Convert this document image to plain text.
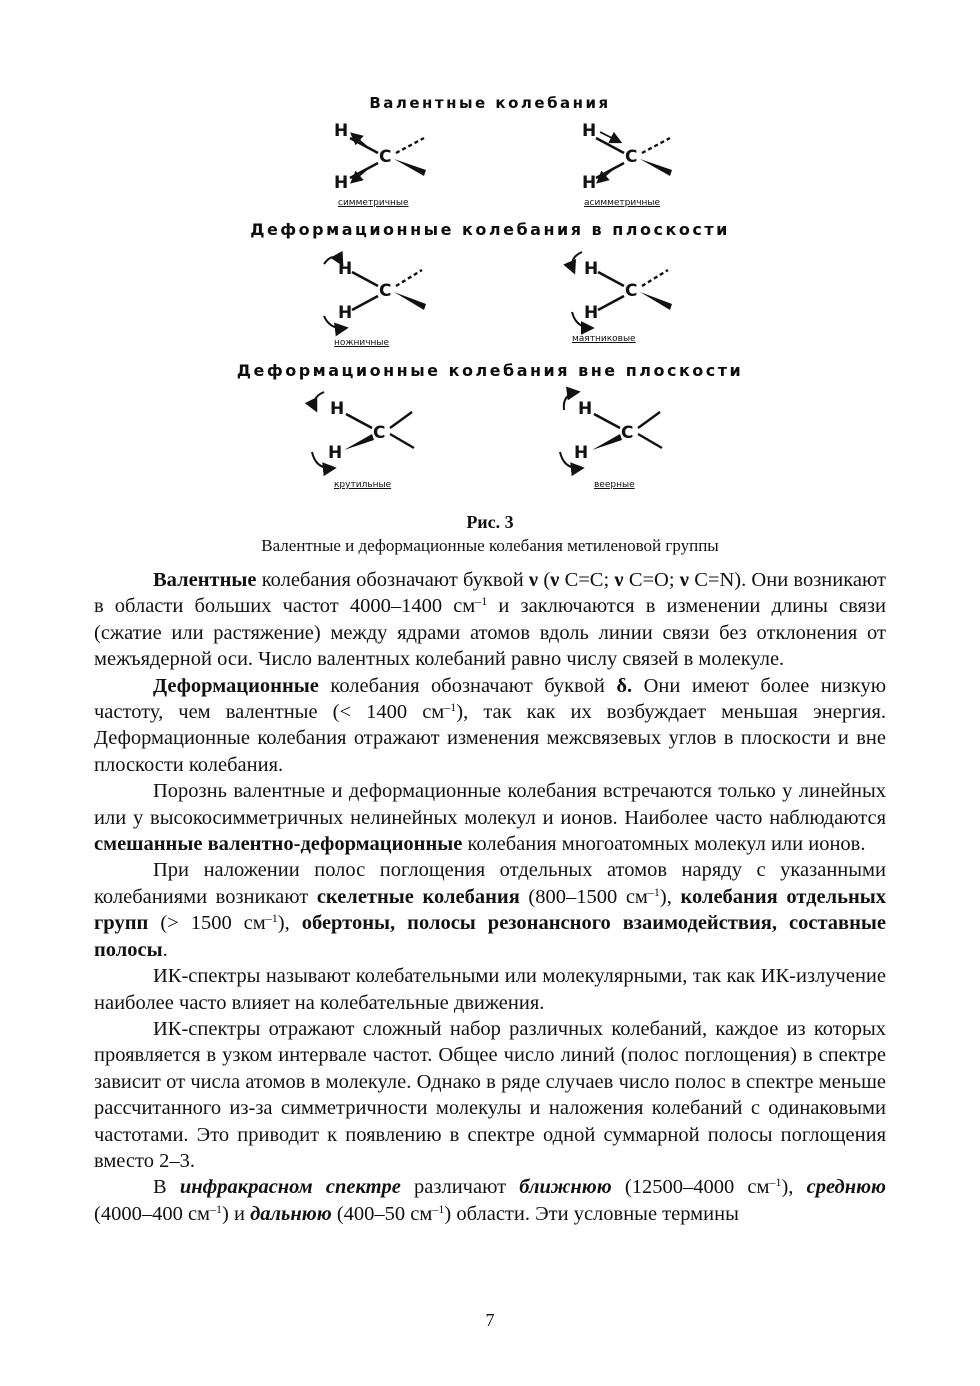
Валентные колебания
H
H
C
симметричные
H
H
C
асимметричные
Деформационные колебания в плоскости
H
H
C
ножничные
H
H
C
маятниковые
Деформационные колебания вне плоскости
H
H
C
крутильные
H
H
C
веерные
Рис. 3
Валентные и деформационные колебания метиленовой группы

Валентные колебания обозначают буквой ν (ν С=С; ν С=О; ν С=N). Они возникают в области больших частот 4000–1400 $см^{-1}$ и заключаются в изменении длины связи (сжатие или растяжение) между ядрами атомов вдоль линии связи без отклонения от межъядерной оси. Число валентных колебаний равно числу связей в молекуле.

Деформационные колебания обозначают буквой δ. Они имеют более низкую частоту, чем валентные (< 1400 $см^{-1}$), так как их возбуждает меньшая энергия. Деформационные колебания отражают изменения межсвязевых углов в плоскости и вне плоскости колебания.

Порознь валентные и деформационные колебания встречаются только у линейных или у высокосимметричных нелинейных молекул и ионов. Наиболее часто наблюдаются смешанные валентно-деформационные колебания многоатомных молекул или ионов.

При наложении полос поглощения отдельных атомов наряду с указанными колебаниями возникают скелетные колебания (800–1500 $см^{-1}$), колебания отдельных групп (> 1500 $см^{-1}$), обертоны, полосы резонансного взаимодействия, составные полосы.

ИК-спектры называют колебательными или молекулярными, так как ИК-излучение наиболее часто влияет на колебательные движения.

ИК-спектры отражают сложный набор различных колебаний, каждое из которых проявляется в узком интервале частот. Общее число линий (полос поглощения) в спектре зависит от числа атомов в молекуле. Однако в ряде случаев число полос в спектре меньше рассчитанного из-за симметричности молекулы и наложения колебаний с одинаковыми частотами. Это приводит к появлению в спектре одной суммарной полосы поглощения вместо 2–3.

В инфракрасном спектре различают ближнюю (12500–4000 $см^{-1}$), среднюю (4000–400 $см^{-1}$) и дальнюю (400–50 $см^{-1}$) области. Эти условные термины

7
